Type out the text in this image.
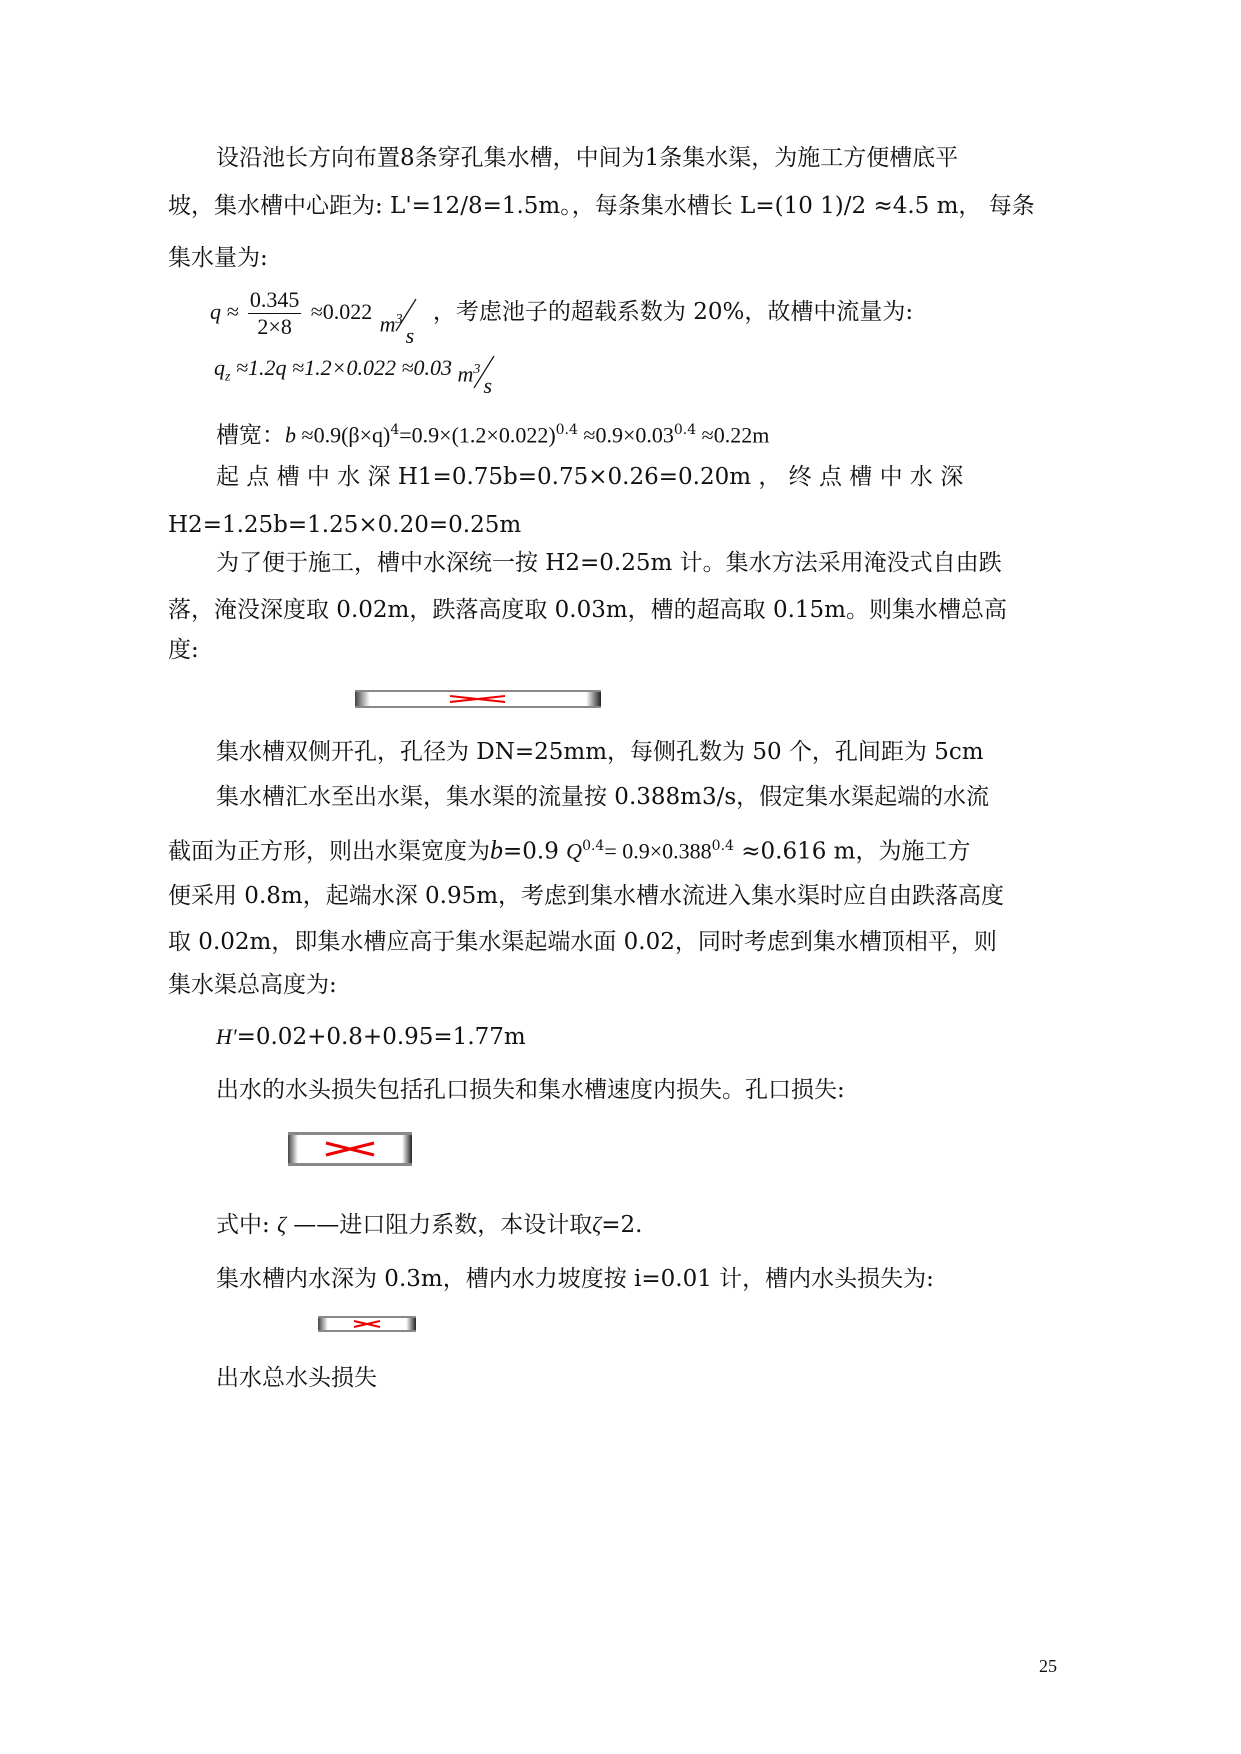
设沿池长方向布置8条穿孔集水槽，中间为1条集水渠，为施工方便槽底平
坡，集水槽中心距为: L'=12/8=1.5m。，每条集水槽长 L=(10 1)/2 ≈4.5 m， 每条
集水量为:
$q \approx \frac{0.345}{2\times 8} \approx 0.022$ $m^3$
s
，考虑池子的超载系数为 20%，故槽中流量为:
$q_z \approx 1.2q \approx 1.2\times 0.022 \approx 0.03$ $m^3$
s
槽宽：$b \approx 0.9(\beta\times q)^4=0.9\times(1.2\times 0.022)^{0.4} \approx 0.9\times 0.03^{0.4} \approx 0.22m$
起 点 槽 中 水 深 H1=0.75b=0.75×0.26=0.20m ， 终 点 槽 中 水 深
H2=1.25b=1.25×0.20=0.25m
为了便于施工，槽中水深统一按 H2=0.25m 计。集水方法采用淹没式自由跌
落，淹没深度取 0.02m，跌落高度取 0.03m，槽的超高取 0.15m。则集水槽总高
度:
集水槽双侧开孔，孔径为 DN=25mm，每侧孔数为 50 个，孔间距为 5cm
集水槽汇水至出水渠，集水渠的流量按 0.388m3/s，假定集水渠起端的水流
截面为正方形，则出水渠宽度为b=0.9 $Q^{0.4}= 0.9\times 0.388^{0.4} \approx 0.616$ m，为施工方
便采用 0.8m，起端水深 0.95m，考虑到集水槽水流进入集水渠时应自由跌落高度
取 0.02m，即集水槽应高于集水渠起端水面 0.02，同时考虑到集水槽顶相平，则
集水渠总高度为:
H'=0.02+0.8+0.95=1.77m
出水的水头损失包括孔口损失和集水槽速度内损失。孔口损失:
式中: ζ ——进口阻力系数，本设计取ζ=2.
集水槽内水深为 0.3m，槽内水力坡度按 i=0.01 计，槽内水头损失为:
出水总水头损失
25
